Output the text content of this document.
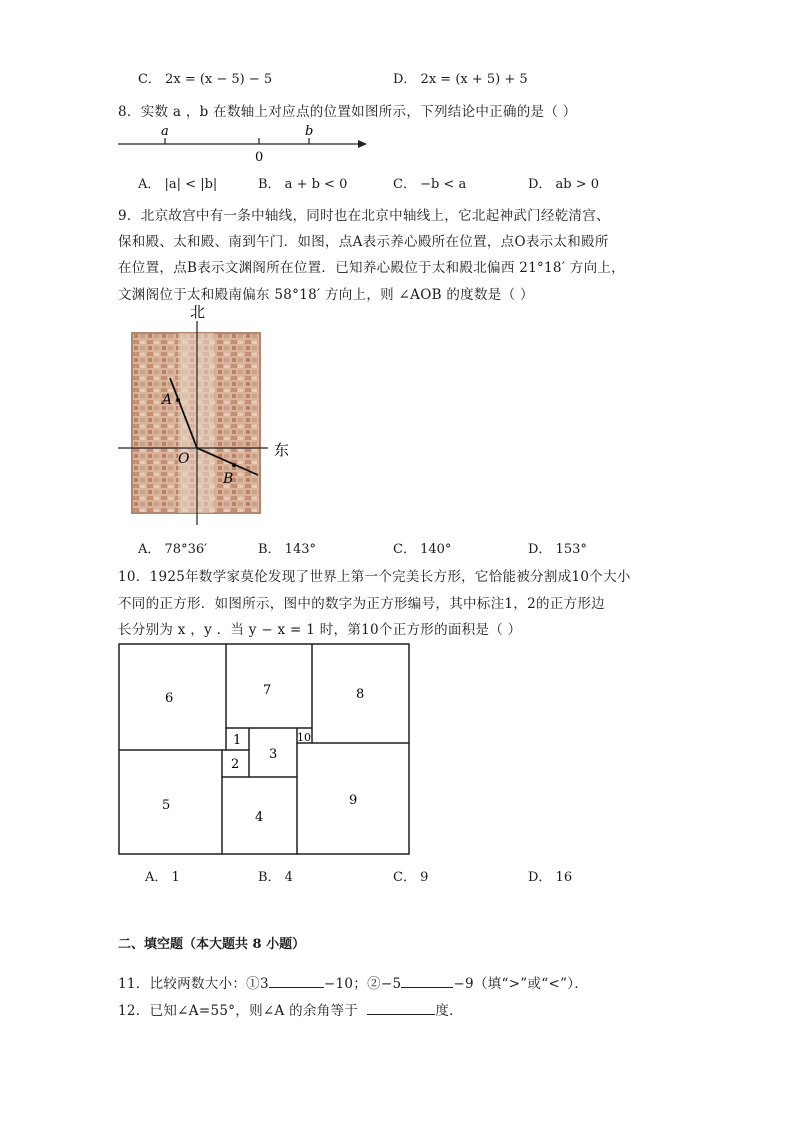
C． 2x = (x − 5) − 5	D． 2x = (x + 5) + 5
8．实数 a ，b 在数轴上对应点的位置如图所示，下列结论中正确的是（ ）
a	b
0
A． |a| < |b|	B． a + b < 0	C． −b < a	D． ab > 0
9．北京故宫中有一条中轴线，同时也在北京中轴线上，它北起神武门经乾清宫、
保和殿、太和殿、南到午门．如图，点A表示养心殿所在位置，点O表示太和殿所
在位置，点B表示文渊阁所在位置．已知养心殿位于太和殿北偏西 21°18′ 方向上，
文渊阁位于太和殿南偏东 58°18′ 方向上，则 ∠AOB 的度数是（ ）
北
东
A
O
B
A． 78°36′	B． 143°	C． 140°	D． 153°
10．1925年数学家莫伦发现了世界上第一个完美长方形，它恰能被分割成10个大小
不同的正方形．如图所示，图中的数字为正方形编号，其中标注1，2的正方形边
长分别为 x ，y ．当 y − x = 1 时，第10个正方形的面积是（ ）
6
7	8
5
1
3
10
2
4
9
A． 1	B． 4	C． 9	D． 16
二、填空题（本大题共 8 小题）
11．比较两数大小：①3	−10；②−5	−9（填“>”或“<”）．
12．已知∠A=55°，则∠A 的余角等于	度．
